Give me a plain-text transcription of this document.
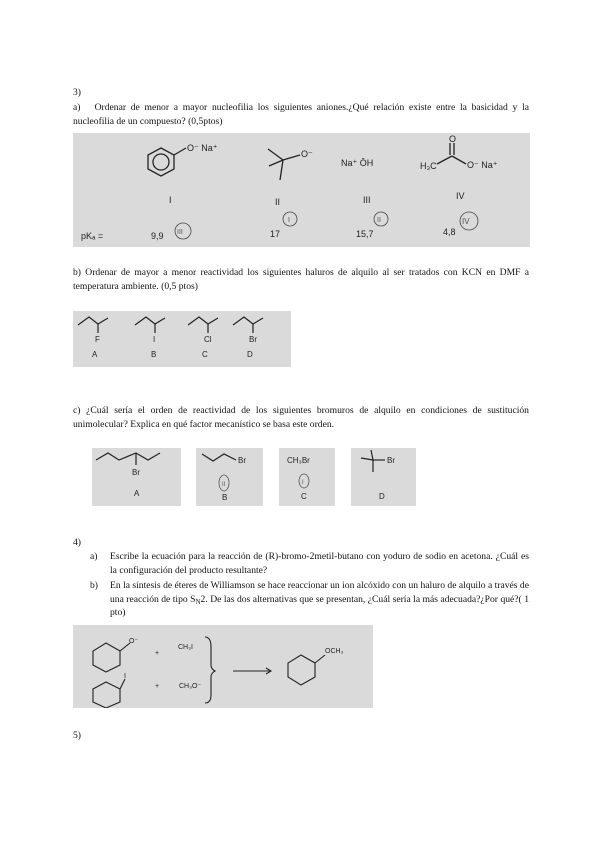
3)
a) Ordenar de menor a mayor nucleofilia los siguientes aniones.¿Qué relación existe entre la basicidad y la nucleofilia de un compuesto? (0,5ptos)
O⁻ Na⁺
O⁻
Na⁺ ŌH	H₃C
O
O⁻ Na⁺
I	II	III	IV
pKₐ =	9,9	17	15,7	4,8
III
I	II	IV
b) Ordenar de mayor a menor reactividad los siguientes haluros de alquilo al ser tratados con KCN en DMF a temperatura ambiente. (0,5 ptos)
F	I	Cl	Br
A	B	C	D
c) ¿Cuál sería el orden de reactividad de los siguientes bromuros de alquilo en condiciones de sustitución unimolecular? Explica en qué factor mecanístico se basa este orden.
Br
A
Br
II
B
CH₃Br
I
C
Br
D
4)
a) Escribe la ecuación para la reacción de (R)-bromo-2metil-butano con yoduro de sodio en acetona. ¿Cuál es la configuración del producto resultante?
b) En la síntesis de éteres de Williamson se hace reaccionar un ion alcóxido con un haluro de alquilo a través de una reacción de tipo $S_N2$. De las dos alternativas que se presentan, ¿Cuál sería la más adecuada?¿Por qué?( 1 pto)
O⁻
I
+
+
CH₃I
CH₃O⁻
OCH₃
5)
